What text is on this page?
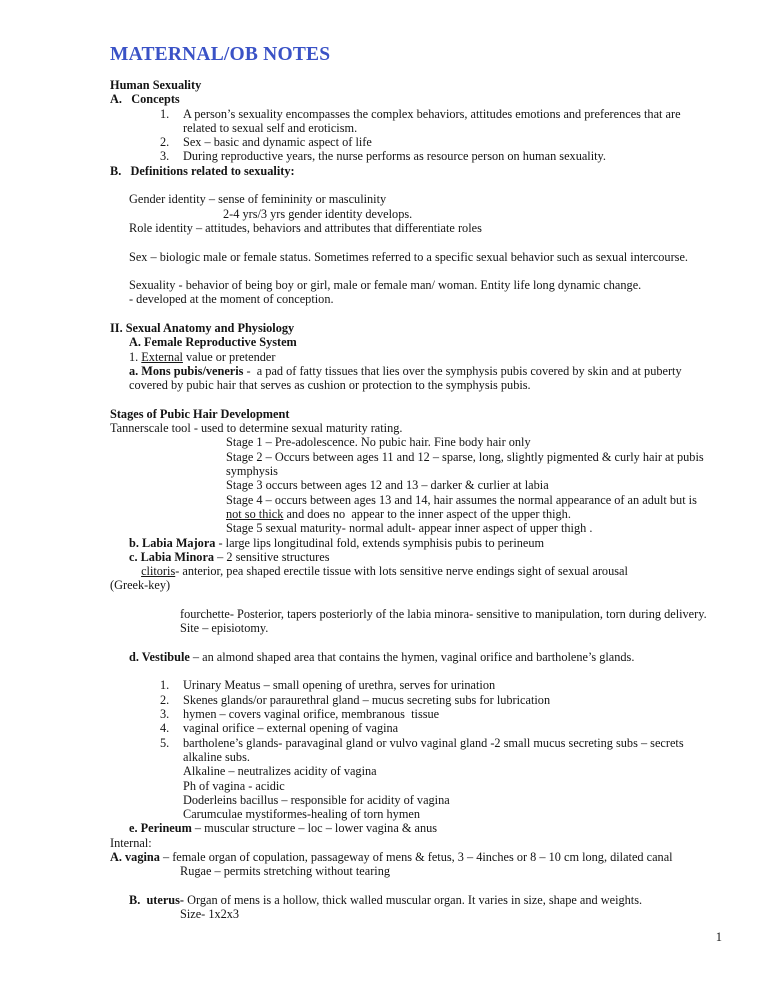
MATERNAL/OB NOTES
Human Sexuality
A. Concepts
1. A person’s sexuality encompasses the complex behaviors, attitudes emotions and preferences that are
related to sexual self and eroticism.
2. Sex – basic and dynamic aspect of life
3. During reproductive years, the nurse performs as resource person on human sexuality.
B. Definitions related to sexuality:
Gender identity – sense of femininity or masculinity
2-4 yrs/3 yrs gender identity develops.
Role identity – attitudes, behaviors and attributes that differentiate roles
Sex – biologic male or female status. Sometimes referred to a specific sexual behavior such as sexual intercourse.
Sexuality - behavior of being boy or girl, male or female man/ woman. Entity life long dynamic change.
- developed at the moment of conception.
II. Sexual Anatomy and Physiology
A. Female Reproductive System
1. External value or pretender
a. Mons pubis/veneris -  a pad of fatty tissues that lies over the symphysis pubis covered by skin and at puberty
covered by pubic hair that serves as cushion or protection to the symphysis pubis.
Stages of Pubic Hair Development
Tannerscale tool - used to determine sexual maturity rating.
Stage 1 – Pre-adolescence. No pubic hair. Fine body hair only
Stage 2 – Occurs between ages 11 and 12 – sparse, long, slightly pigmented & curly hair at pubis
symphysis
Stage 3 occurs between ages 12 and 13 – darker & curlier at labia
Stage 4 – occurs between ages 13 and 14, hair assumes the normal appearance of an adult but is
not so thick and does no  appear to the inner aspect of the upper thigh.
Stage 5 sexual maturity- normal adult- appear inner aspect of upper thigh .
b. Labia Majora - large lips longitudinal fold, extends symphisis pubis to perineum
c. Labia Minora – 2 sensitive structures
clitoris- anterior, pea shaped erectile tissue with lots sensitive nerve endings sight of sexual arousal
(Greek-key)
fourchette- Posterior, tapers posteriorly of the labia minora- sensitive to manipulation, torn during delivery.
Site – episiotomy.
d. Vestibule – an almond shaped area that contains the hymen, vaginal orifice and bartholene’s glands.
1. Urinary Meatus – small opening of urethra, serves for urination
2. Skenes glands/or paraurethral gland – mucus secreting subs for lubrication
3. hymen – covers vaginal orifice, membranous  tissue
4. vaginal orifice – external opening of vagina
5. bartholene’s glands- paravaginal gland or vulvo vaginal gland -2 small mucus secreting subs – secrets
alkaline subs.
Alkaline – neutralizes acidity of vagina
Ph of vagina - acidic
Doderleins bacillus – responsible for acidity of vagina
Carumculae mystiformes-healing of torn hymen
e. Perineum – muscular structure – loc – lower vagina & anus
Internal:
A. vagina – female organ of copulation, passageway of mens & fetus, 3 – 4inches or 8 – 10 cm long, dilated canal
Rugae – permits stretching without tearing
B. uterus- Organ of mens is a hollow, thick walled muscular organ. It varies in size, shape and weights.
Size- 1x2x3
1
